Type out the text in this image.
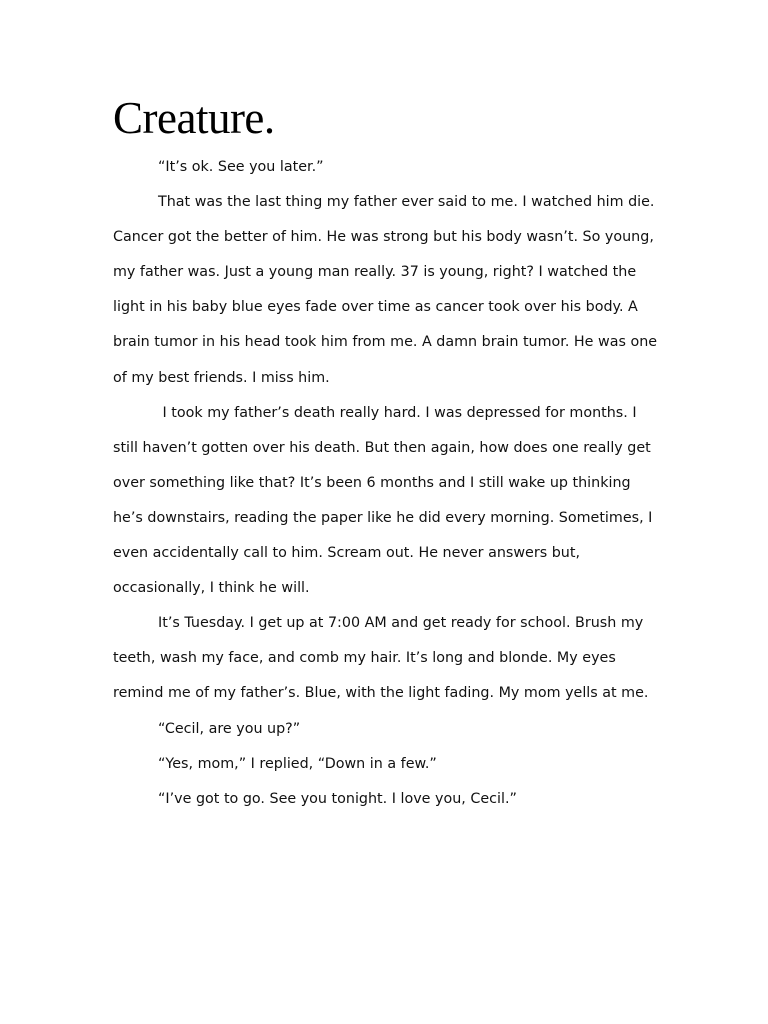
Creature.

“It’s ok. See you later.”

That was the last thing my father ever said to me. I watched him die. Cancer got the better of him. He was strong but his body wasn’t. So young, my father was. Just a young man really. 37 is young, right? I watched the light in his baby blue eyes fade over time as cancer took over his body. A brain tumor in his head took him from me. A damn brain tumor. He was one of my best friends. I miss him.

I took my father’s death really hard. I was depressed for months. I still haven’t gotten over his death. But then again, how does one really get over something like that? It’s been 6 months and I still wake up thinking he’s downstairs, reading the paper like he did every morning. Sometimes, I even accidentally call to him. Scream out. He never answers but, occasionally, I think he will.

It’s Tuesday. I get up at 7:00 AM and get ready for school. Brush my teeth, wash my face, and comb my hair. It’s long and blonde. My eyes remind me of my father’s. Blue, with the light fading. My mom yells at me.

“Cecil, are you up?”

“Yes, mom,” I replied, “Down in a few.”

“I’ve got to go. See you tonight. I love you, Cecil.”
